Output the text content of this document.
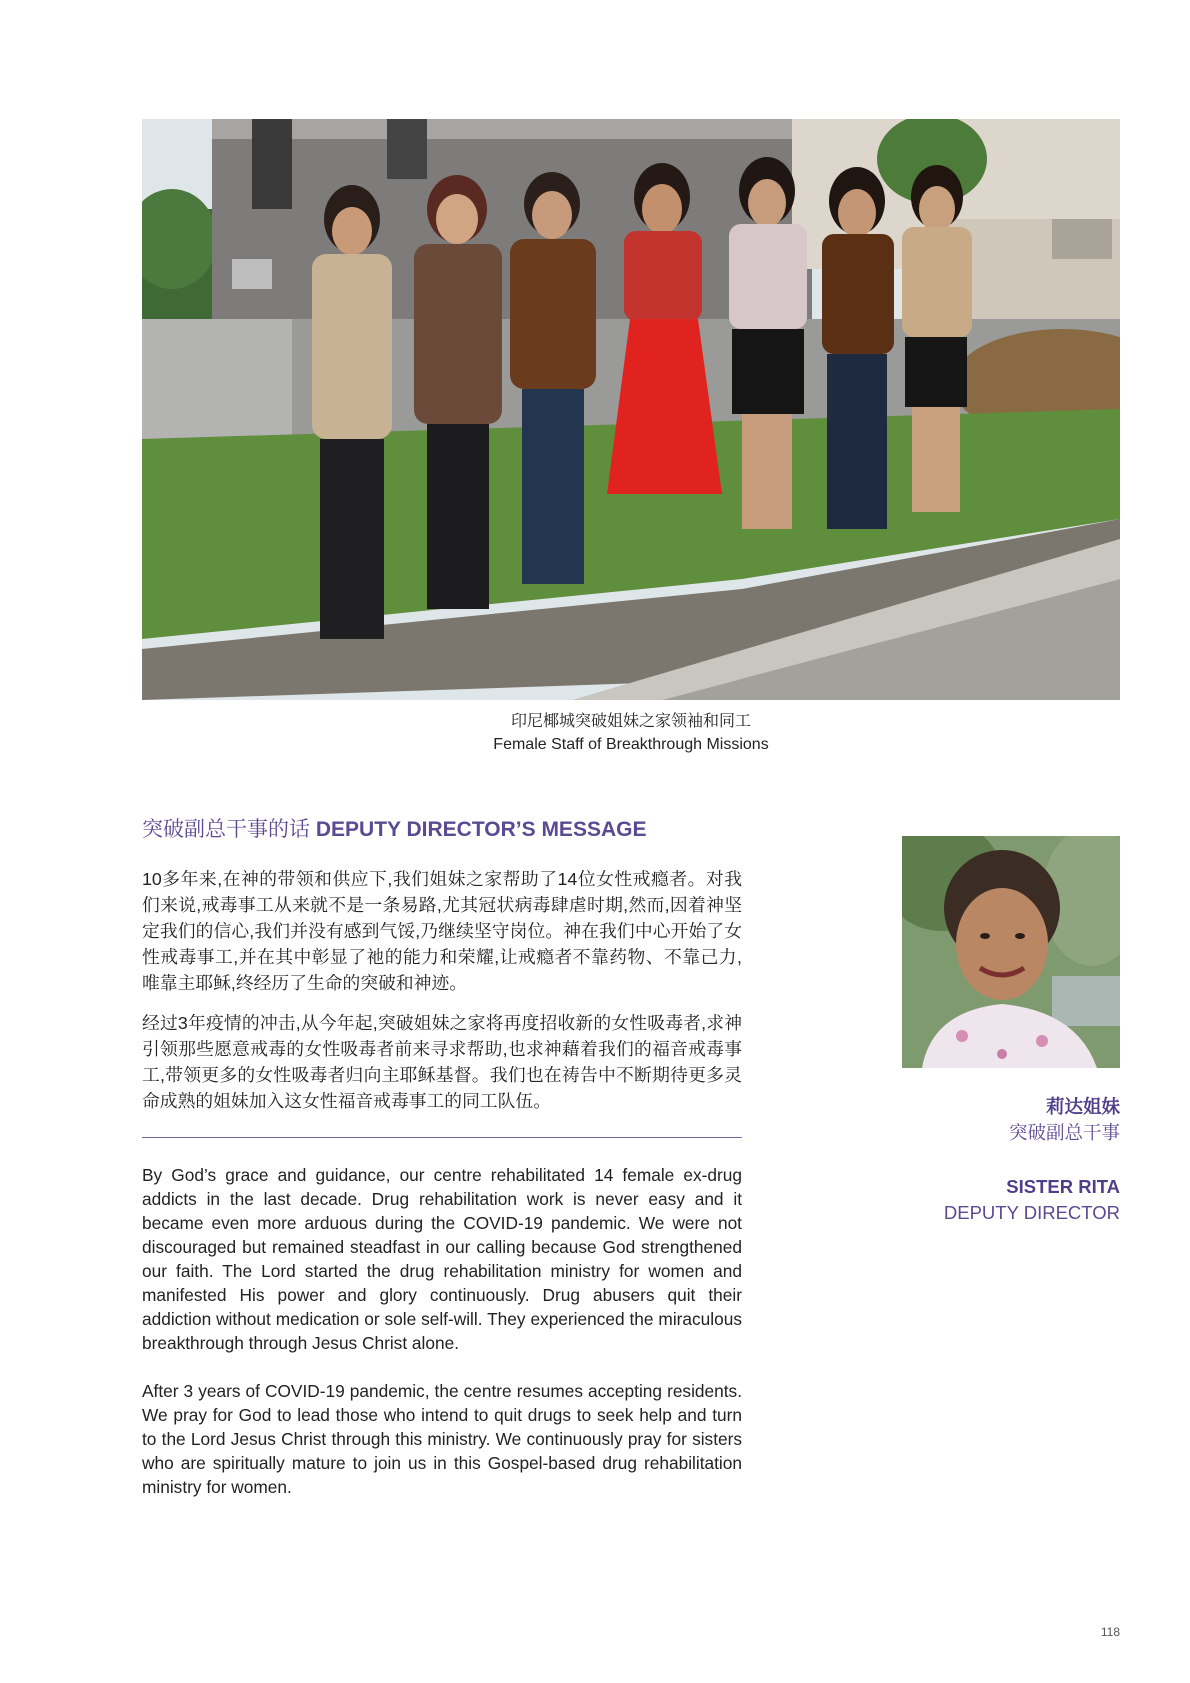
印尼椰城突破姐妹之家领袖和同工
Female Staff of Breakthrough Missions
突破副总干事的话 DEPUTY DIRECTOR’S MESSAGE

10多年来,在神的带领和供应下,我们姐妹之家帮助了14位女性戒瘾者。对我们来说,戒毒事工从来就不是一条易路,尤其冠状病毒肆虐时期,然而,因着神坚定我们的信心,我们并没有感到气馁,乃继续坚守岗位。神在我们中心开始了女性戒毒事工,并在其中彰显了祂的能力和荣耀,让戒瘾者不靠药物、不靠己力,唯靠主耶稣,终经历了生命的突破和神迹。

经过3年疫情的冲击,从今年起,突破姐妹之家将再度招收新的女性吸毒者,求神引领那些愿意戒毒的女性吸毒者前来寻求帮助,也求神藉着我们的福音戒毒事工,带领更多的女性吸毒者归向主耶稣基督。我们也在祷告中不断期待更多灵命成熟的姐妹加入这女性福音戒毒事工的同工队伍。

By God’s grace and guidance, our centre rehabilitated 14 female ex-drug addicts in the last decade. Drug rehabilitation work is never easy and it became even more arduous during the COVID-19 pandemic. We were not discouraged but remained steadfast in our calling because God strengthened our faith. The Lord started the drug rehabilitation ministry for women and manifested His power and glory continuously. Drug abusers quit their addiction without medication or sole self-will. They experienced the miraculous breakthrough through Jesus Christ alone.

After 3 years of COVID-19 pandemic, the centre resumes accepting residents. We pray for God to lead those who intend to quit drugs to seek help and turn to the Lord Jesus Christ through this ministry. We continuously pray for sisters who are spiritually mature to join us in this Gospel-based drug rehabilitation ministry for women.

莉达姐妹
突破副总干事
SISTER RITA
DEPUTY DIRECTOR
118
